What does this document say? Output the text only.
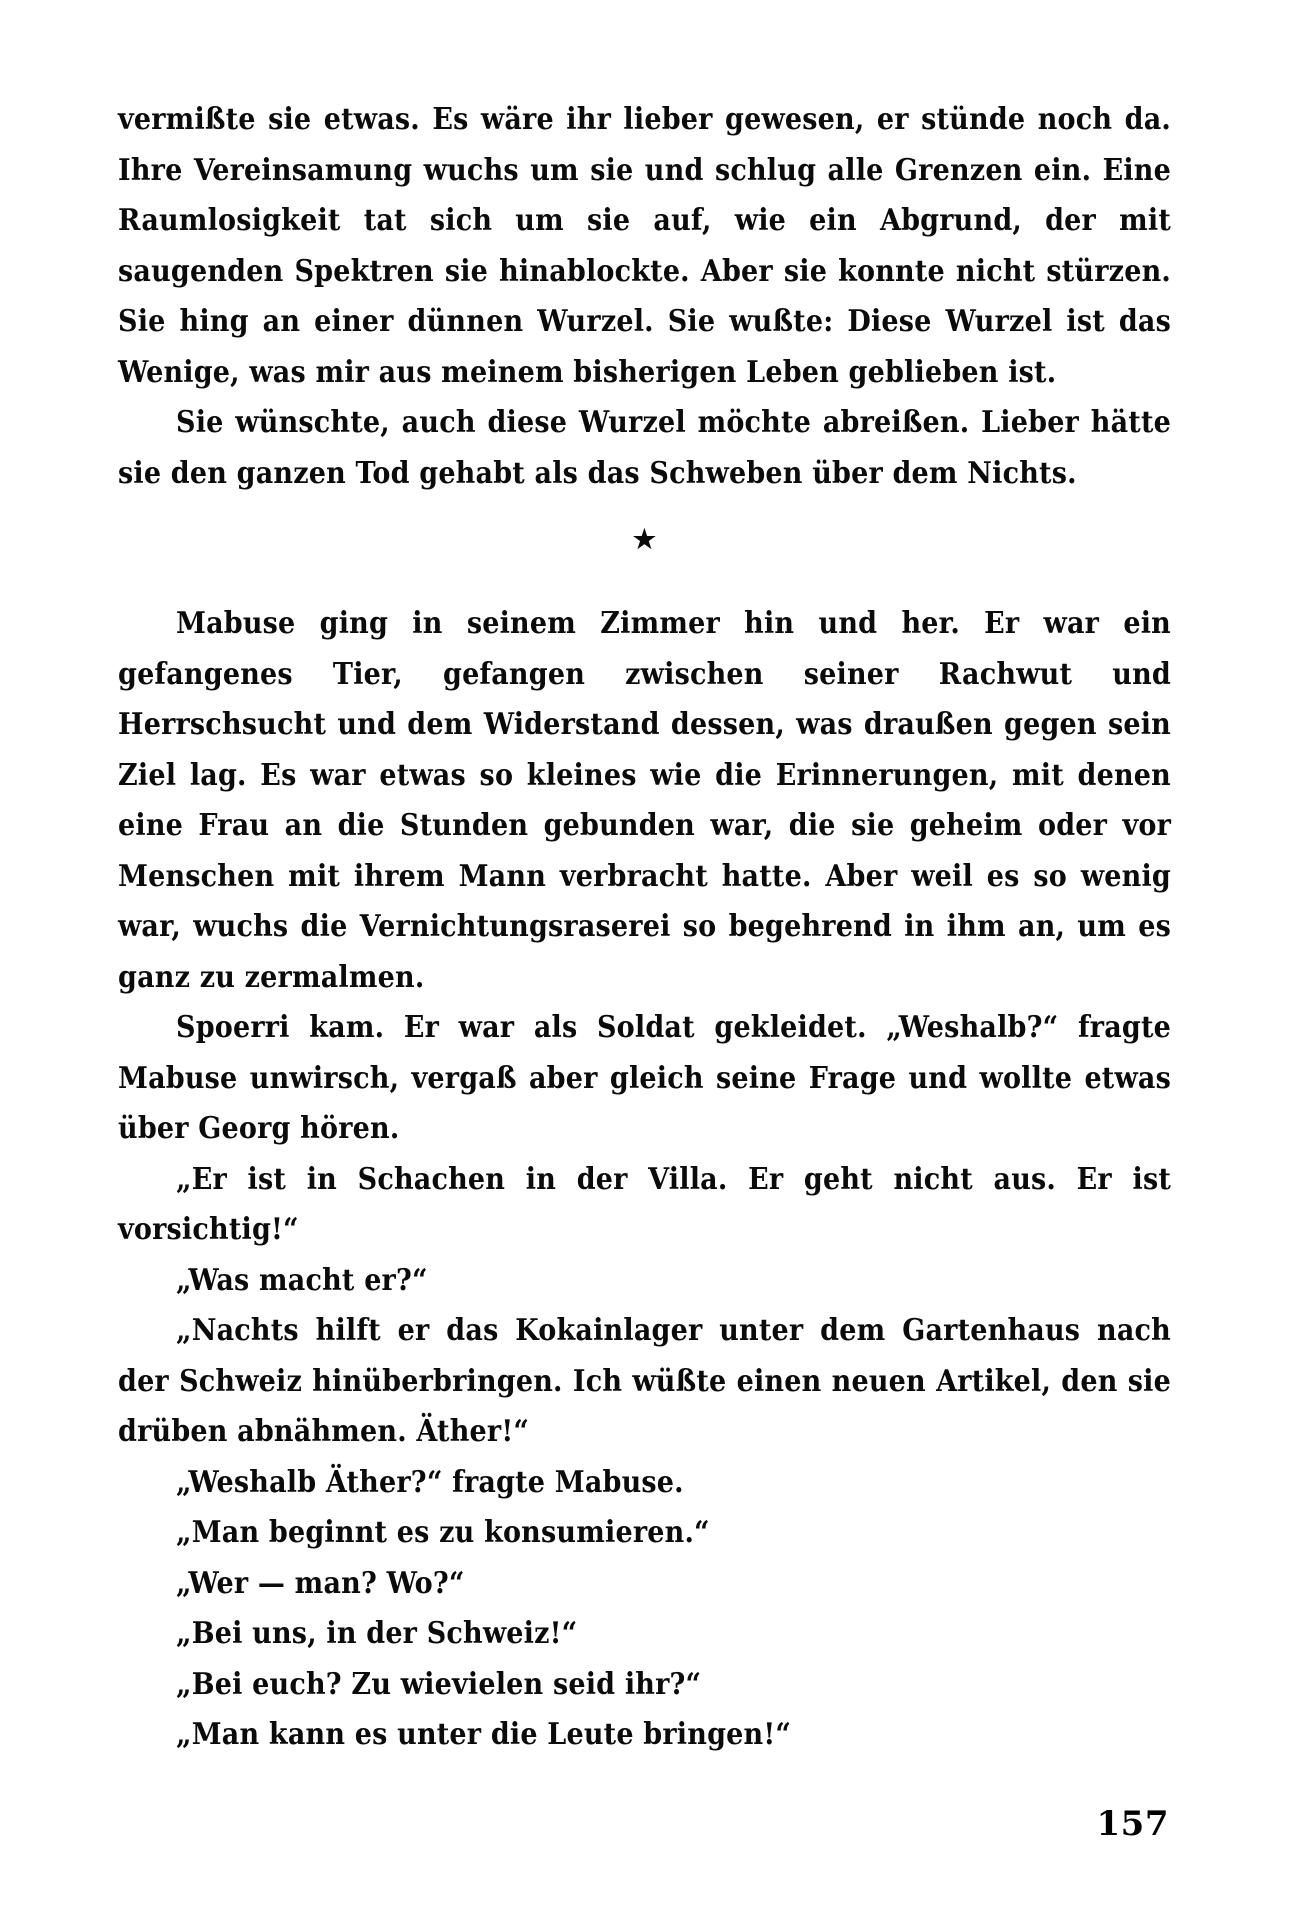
vermißte sie etwas. Es wäre ihr lieber gewesen, er stünde noch da. Ihre Vereinsamung wuchs um sie und schlug alle Grenzen ein. Eine Raumlosigkeit tat sich um sie auf, wie ein Abgrund, der mit saugenden Spektren sie hinablockte. Aber sie konnte nicht stürzen. Sie hing an einer dünnen Wurzel. Sie wußte: Diese Wurzel ist das Wenige, was mir aus meinem bisherigen Leben geblieben ist.

Sie wünschte, auch diese Wurzel möchte abreißen. Lieber hätte sie den ganzen Tod gehabt als das Schweben über dem Nichts.

★

Mabuse ging in seinem Zimmer hin und her. Er war ein gefangenes Tier, gefangen zwischen seiner Rachwut und Herrschsucht und dem Widerstand dessen, was draußen gegen sein Ziel lag. Es war etwas so kleines wie die Erinnerungen, mit denen eine Frau an die Stunden gebunden war, die sie geheim oder vor Menschen mit ihrem Mann verbracht hatte. Aber weil es so wenig war, wuchs die Vernichtungsraserei so begehrend in ihm an, um es ganz zu zermalmen.

Spoerri kam. Er war als Soldat gekleidet. „Weshalb?“ fragte Mabuse unwirsch, vergaß aber gleich seine Frage und wollte etwas über Georg hören.

„Er ist in Schachen in der Villa. Er geht nicht aus. Er ist vorsichtig!“

„Was macht er?“

„Nachts hilft er das Kokainlager unter dem Gartenhaus nach der Schweiz hinüberbringen. Ich wüßte einen neuen Artikel, den sie drüben abnähmen. Äther!“

„Weshalb Äther?“ fragte Mabuse.

„Man beginnt es zu konsumieren.“

„Wer — man? Wo?“

„Bei uns, in der Schweiz!“

„Bei euch? Zu wievielen seid ihr?“

„Man kann es unter die Leute bringen!“

157
